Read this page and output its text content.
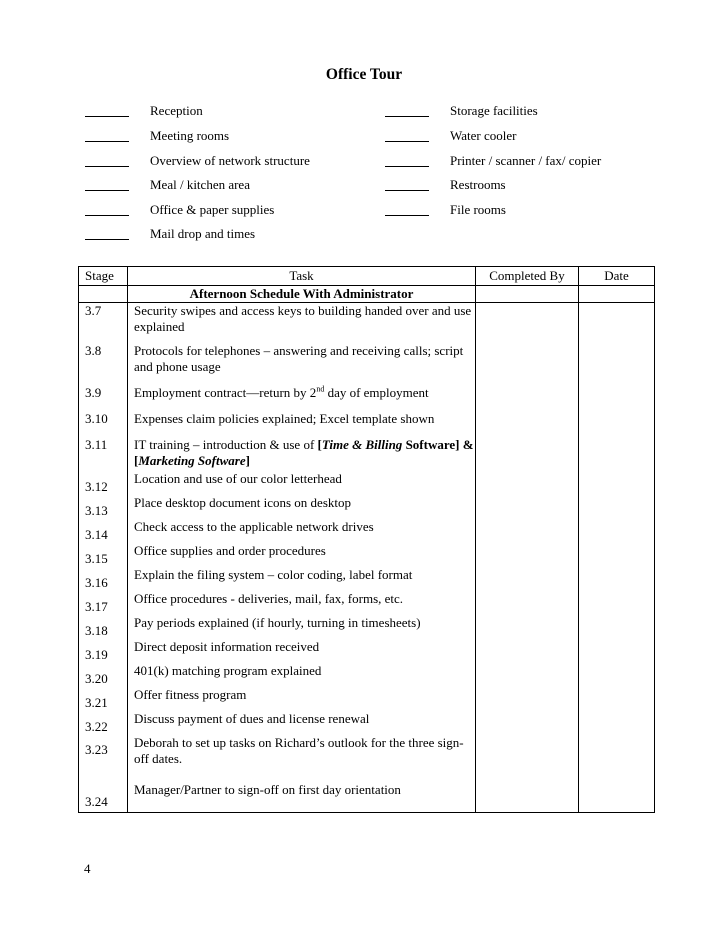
Office Tour
Reception
Meeting rooms
Overview of network structure
Meal / kitchen area
Office & paper supplies
Mail drop and times
Storage facilities
Water cooler
Printer / scanner / fax/ copier
Restrooms
File rooms
Stage	Task	Completed By	Date
	Afternoon Schedule With Administrator		
3.7	Security swipes and access keys to building handed over and use explained		
3.8	Protocols for telephones – answering and receiving calls; script and phone usage		
3.9	Employment contract—return by 2nd day of employment		
3.10	Expenses claim policies explained; Excel template shown		
3.11	IT training – introduction & use of [Time & Billing Software] & [Marketing Software]		
3.12	Location and use of our color letterhead		
3.13	Place desktop document icons on desktop		
3.14	Check access to the applicable network drives		
3.15	Office supplies and order procedures		
3.16	Explain the filing system – color coding, label format		
3.17	Office procedures - deliveries, mail, fax, forms, etc.		
3.18	Pay periods explained (if hourly, turning in timesheets)		
3.19	Direct deposit information received		
3.20	401(k) matching program explained		
3.21	Offer fitness program		
3.22	Discuss payment of dues and license renewal		
3.23	Deborah to set up tasks on Richard’s outlook for the three sign-off dates.		
3.24	Manager/Partner to sign-off on first day orientation		
4
